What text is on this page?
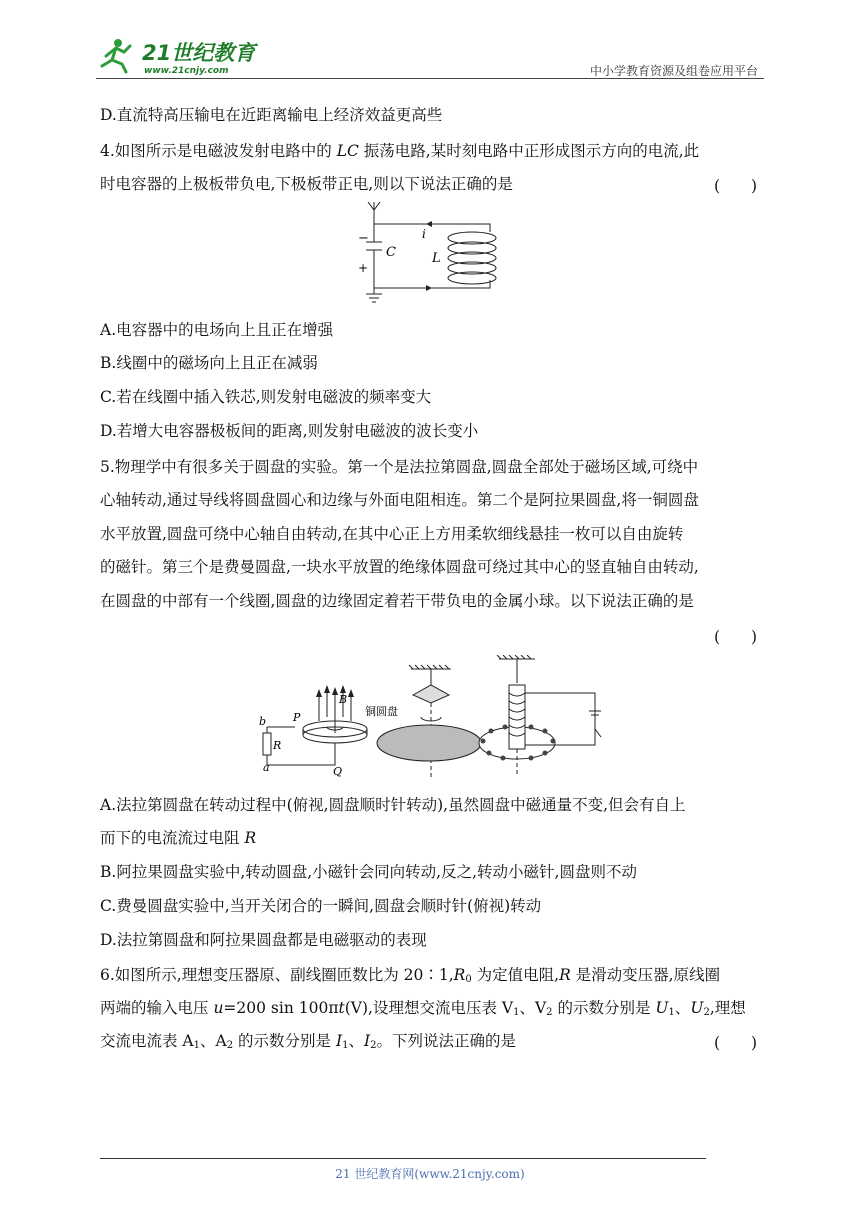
21世纪教育
www.21cnjy.com	中小学教育资源及组卷应用平台
D.直流特高压输电在近距离输电上经济效益更高些
4.如图所示是电磁波发射电路中的 LC 振荡电路,某时刻电路中正形成图示方向的电流,此
时电容器的上极板带负电,下极板带正电,则以下说法正确的是	(　　)
−
+
C
i
L
A.电容器中的电场向上且正在增强
B.线圈中的磁场向上且正在减弱
C.若在线圈中插入铁芯,则发射电磁波的频率变大
D.若增大电容器极板间的距离,则发射电磁波的波长变小
5.物理学中有很多关于圆盘的实验。第一个是法拉第圆盘,圆盘全部处于磁场区域,可绕中
心轴转动,通过导线将圆盘圆心和边缘与外面电阻相连。第二个是阿拉果圆盘,将一铜圆盘
水平放置,圆盘可绕中心轴自由转动,在其中心正上方用柔软细线悬挂一枚可以自由旋转
的磁针。第三个是费曼圆盘,一块水平放置的绝缘体圆盘可绕过其中心的竖直轴自由转动,
在圆盘的中部有一个线圈,圆盘的边缘固定着若干带负电的金属小球。以下说法正确的是
(　　)
b
a
R
P
Q
B
铜圆盘
A.法拉第圆盘在转动过程中(俯视,圆盘顺时针转动),虽然圆盘中磁通量不变,但会有自上
而下的电流流过电阻 R
B.阿拉果圆盘实验中,转动圆盘,小磁针会同向转动,反之,转动小磁针,圆盘则不动
C.费曼圆盘实验中,当开关闭合的一瞬间,圆盘会顺时针(俯视)转动
D.法拉第圆盘和阿拉果圆盘都是电磁驱动的表现
6.如图所示,理想变压器原、副线圈匝数比为 $20∶1,R_0$ 为定值电阻,R 是滑动变压器,原线圈
两端的输入电压 u=200 sin 100πt(V),设理想交流电压表 $V_1$、$V_2$ 的示数分别是 $U_1$、$U_2$,理想
交流电流表 $A_1$、$A_2$ 的示数分别是 $I_1$、$I_2$。下列说法正确的是	(　　)
21 世纪教育网(www.21cnjy.com)
